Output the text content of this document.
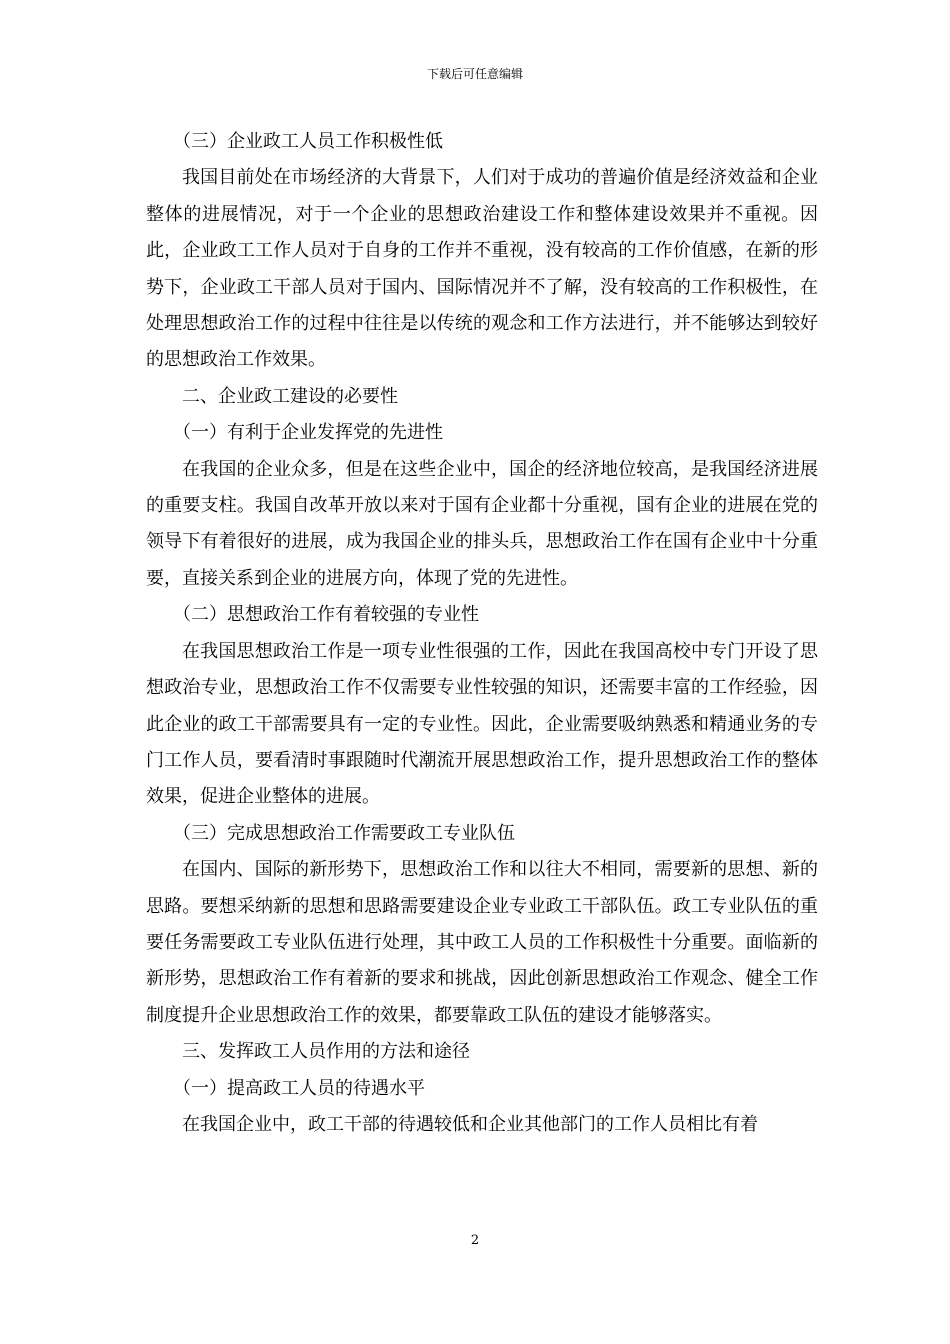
下载后可任意编辑

（三）企业政工人员工作积极性低

我国目前处在市场经济的大背景下，人们对于成功的普遍价值是经济效益和企业整体的进展情况，对于一个企业的思想政治建设工作和整体建设效果并不重视。因此，企业政工工作人员对于自身的工作并不重视，没有较高的工作价值感，在新的形势下，企业政工干部人员对于国内、国际情况并不了解，没有较高的工作积极性，在处理思想政治工作的过程中往往是以传统的观念和工作方法进行，并不能够达到较好的思想政治工作效果。

二、企业政工建设的必要性

（一）有利于企业发挥党的先进性

在我国的企业众多，但是在这些企业中，国企的经济地位较高，是我国经济进展的重要支柱。我国自改革开放以来对于国有企业都十分重视，国有企业的进展在党的领导下有着很好的进展，成为我国企业的排头兵，思想政治工作在国有企业中十分重要，直接关系到企业的进展方向，体现了党的先进性。

（二）思想政治工作有着较强的专业性

在我国思想政治工作是一项专业性很强的工作，因此在我国高校中专门开设了思想政治专业，思想政治工作不仅需要专业性较强的知识，还需要丰富的工作经验，因此企业的政工干部需要具有一定的专业性。因此，企业需要吸纳熟悉和精通业务的专门工作人员，要看清时事跟随时代潮流开展思想政治工作，提升思想政治工作的整体效果，促进企业整体的进展。

（三）完成思想政治工作需要政工专业队伍

在国内、国际的新形势下，思想政治工作和以往大不相同，需要新的思想、新的思路。要想采纳新的思想和思路需要建设企业专业政工干部队伍。政工专业队伍的重要任务需要政工专业队伍进行处理，其中政工人员的工作积极性十分重要。面临新的新形势，思想政治工作有着新的要求和挑战，因此创新思想政治工作观念、健全工作制度提升企业思想政治工作的效果，都要靠政工队伍的建设才能够落实。

三、发挥政工人员作用的方法和途径

（一）提高政工人员的待遇水平

在我国企业中，政工干部的待遇较低和企业其他部门的工作人员相比有着

2
